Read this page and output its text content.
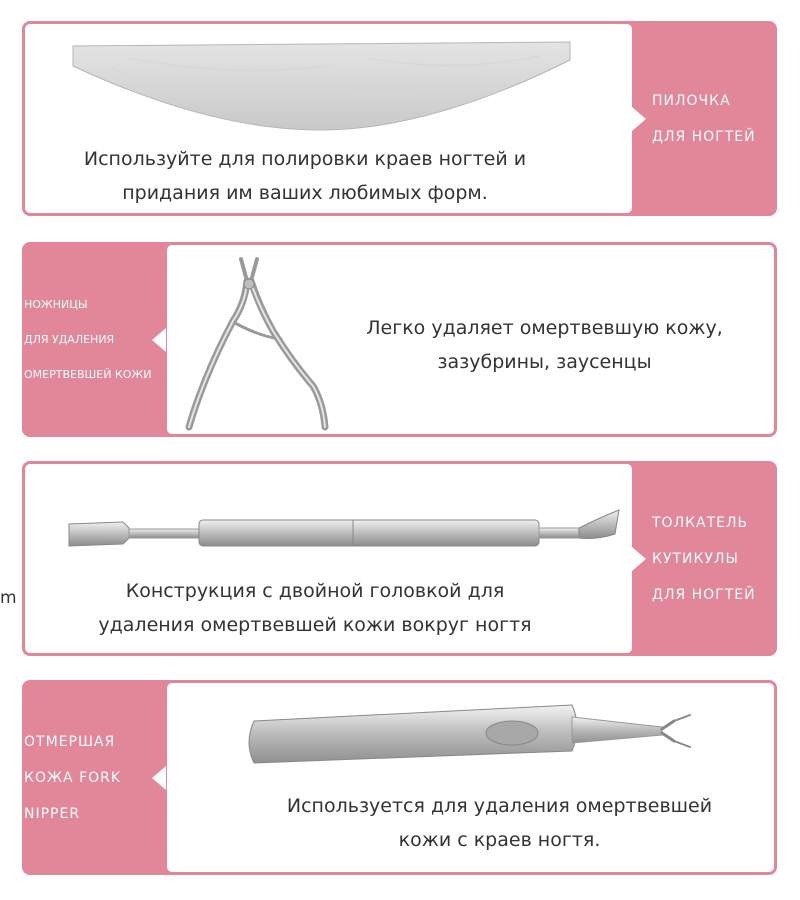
Используйте для полировки краев ногтей и
придания им ваших любимых форм.
ПИЛОЧКА
ДЛЯ НОГТЕЙ
Легко удаляет омертвевшую кожу,
зазубрины, заусенцы
НОЖНИЦЫ
ДЛЯ УДАЛЕНИЯ
ОМЕРТВЕВШЕЙ КОЖИ
Конструкция с двойной головкой для
удаления омертвевшей кожи вокруг ногтя
ТОЛКАТЕЛЬ
КУТИКУЛЫ
ДЛЯ НОГТЕЙ
Используется для удаления омертвевшей
кожи с краев ногтя.
ОТМЕРШАЯ
КОЖА FORK
NIPPER
m
